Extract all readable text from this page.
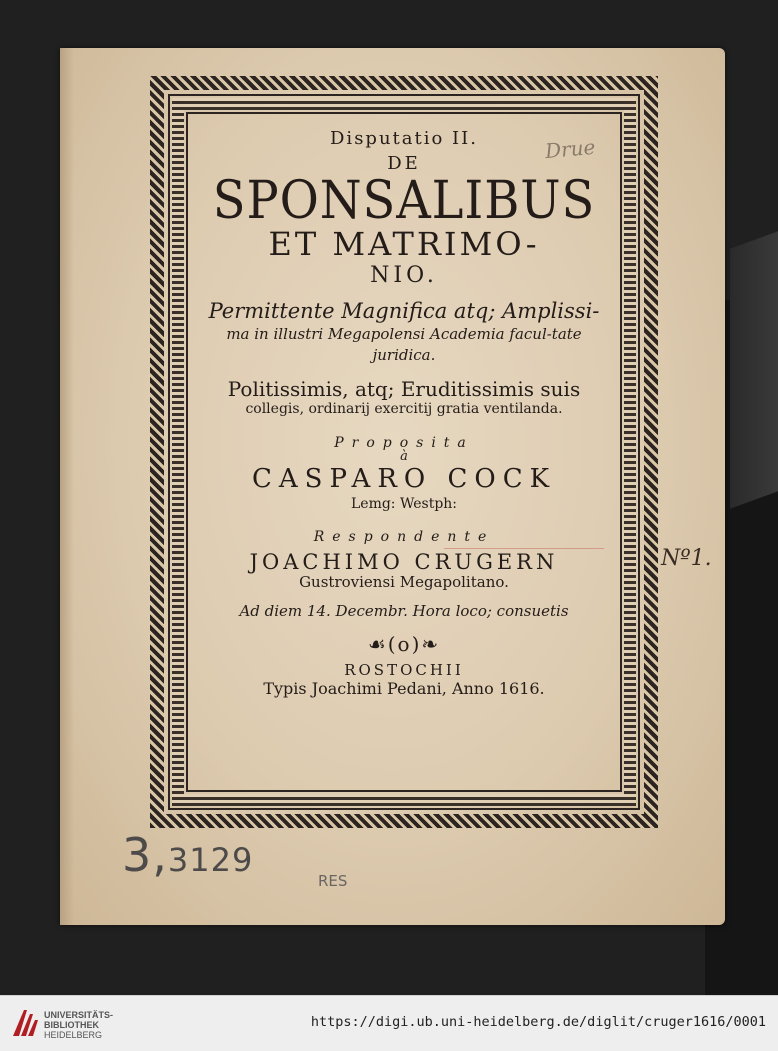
Drue

Disputatio II.

DE

SPONSALIBUS

ET MATRIMO-

NIO.

Permittente Magnifica atq; Amplissi-

ma in illustri Megapolensi Academia facul-tate juridica.

Politissimis, atq; Eruditissimis suis

collegis, ordinarij exercitij gratia ventilanda.

Proposita

à

CASPARO COCK

Lemg: Westph:

Respondente

JOACHIMO CRUGERN

Gustroviensi Megapolitano.

Ad diem 14. Decembr. Hora loco; consuetis

☙(o)❧

ROSTOCHII

Typis Joachimi Pedani, Anno 1616.

Nº1.
3,3129
RES
UNIVERSITÄTS-
BIBLIOTHEK
HEIDELBERG
https://digi.ub.uni-heidelberg.de/diglit/cruger1616/0001
